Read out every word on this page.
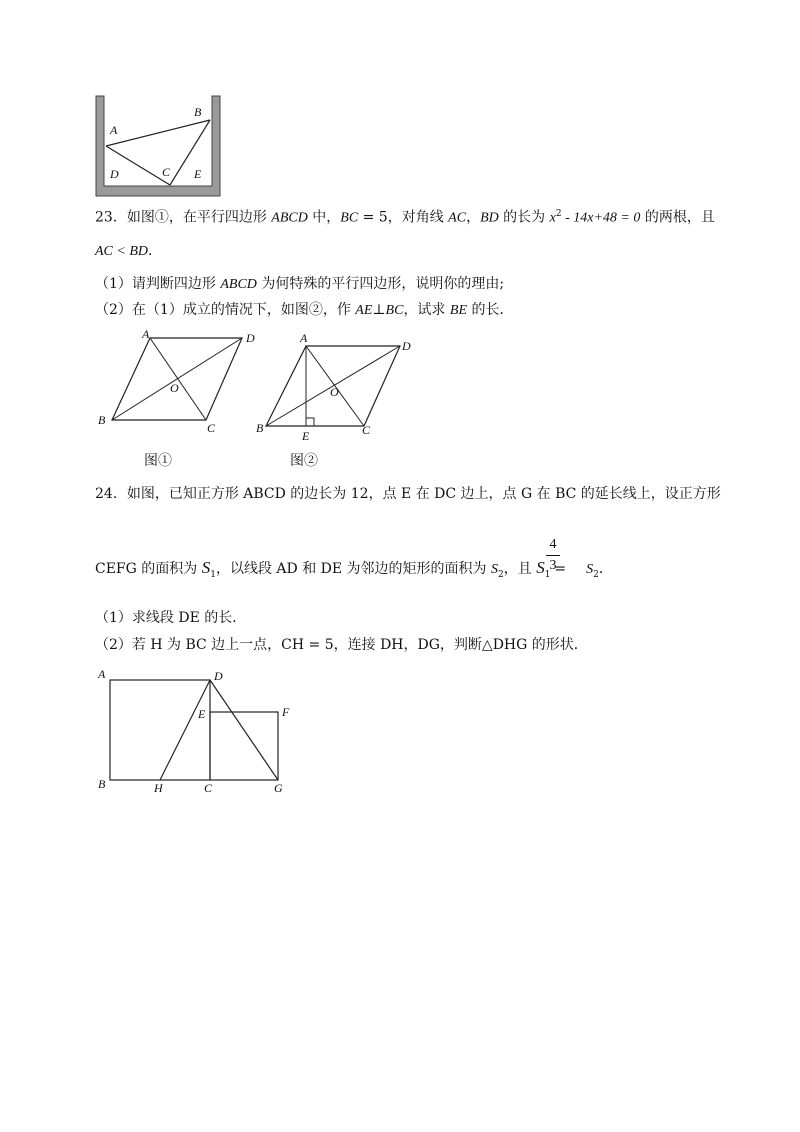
A
B
C
D	E
23．如图①，在平行四边形 ABCD 中，BC = 5，对角线 AC，BD 的长为 $x^2 - 14x+48 = 0$ 的两根，且
AC < BD．
（1）请判断四边形 ABCD 为何特殊的平行四边形，说明你的理由;
（2）在（1）成立的情况下，如图②，作 AE⊥BC，试求 BE 的长．
A	D
O
B
C
A
D
O
B	C
E
图①	图②
24．如图，已知正方形 ABCD 的边长为 12，点 E 在 DC 边上，点 G 在 BC 的延长线上，设正方形
CEFG 的面积为 $S_1$，以线段 AD 和 DE 为邻边的矩形的面积为 $S_2$，且 $S_1 = S_2$．
4
3
（1）求线段 DE 的长．
（2）若 H 为 BC 边上一点，CH = 5，连接 DH，DG，判断△DHG 的形状．
A	D
E	F
B	H	C	G
